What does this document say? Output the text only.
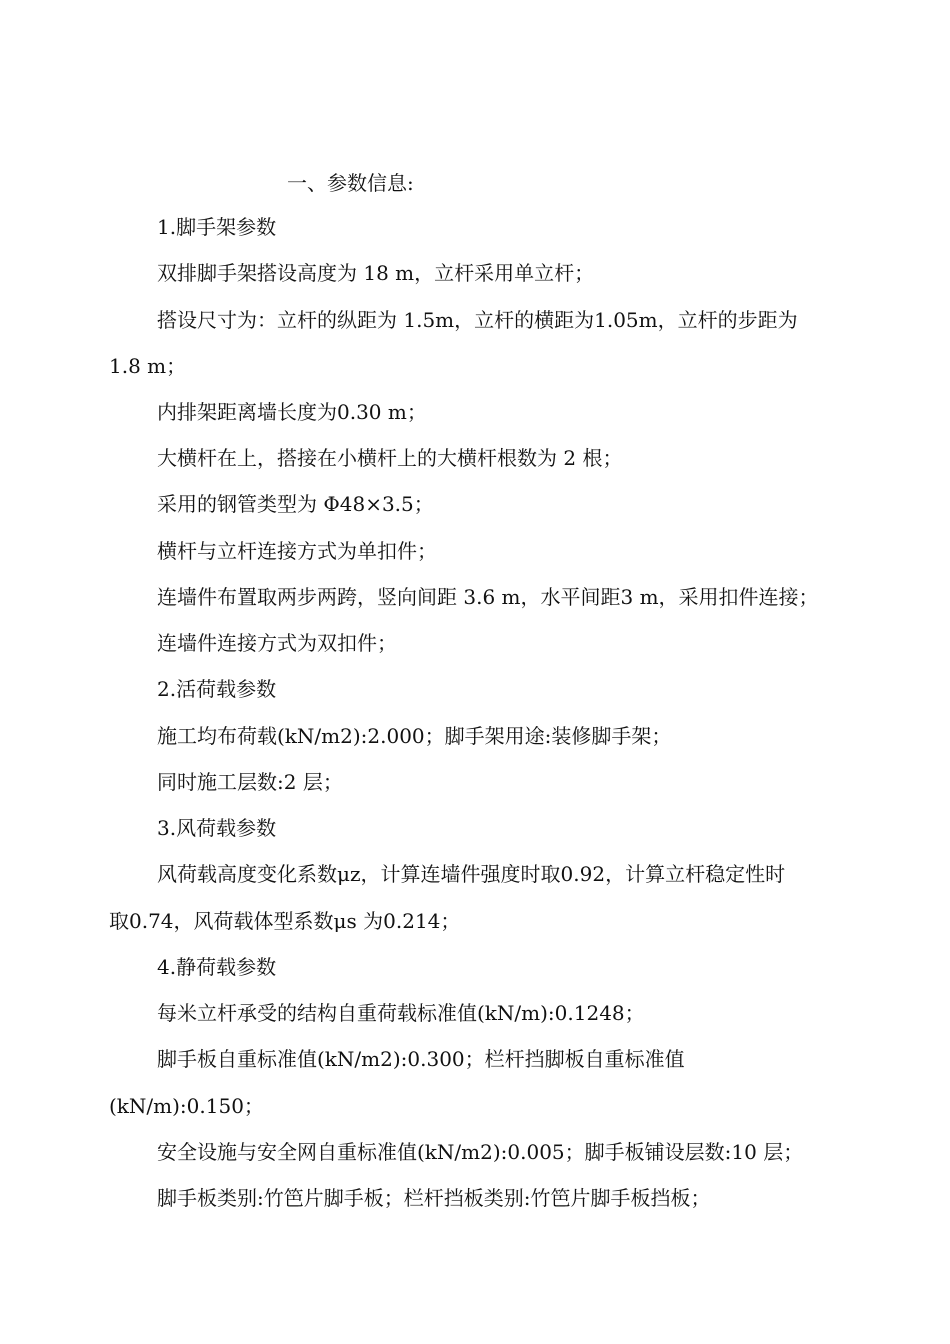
一、参数信息:
1.脚手架参数
双排脚手架搭设高度为 18 m，立杆采用单立杆；
搭设尺寸为：立杆的纵距为 1.5m，立杆的横距为1.05m，立杆的步距为
1.8 m；
内排架距离墙长度为0.30 m；
大横杆在上，搭接在小横杆上的大横杆根数为 2 根；
采用的钢管类型为 Φ48×3.5；
横杆与立杆连接方式为单扣件；
连墙件布置取两步两跨，竖向间距 3.6 m，水平间距3 m，采用扣件连接；
连墙件连接方式为双扣件；
2.活荷载参数
施工均布荷载(kN/m2):2.000；脚手架用途:装修脚手架；
同时施工层数:2 层；
3.风荷载参数
风荷载高度变化系数μz，计算连墙件强度时取0.92，计算立杆稳定性时
取0.74，风荷载体型系数μs 为0.214；
4.静荷载参数
每米立杆承受的结构自重荷载标准值(kN/m):0.1248；
脚手板自重标准值(kN/m2):0.300；栏杆挡脚板自重标准值
(kN/m):0.150；
安全设施与安全网自重标准值(kN/m2):0.005；脚手板铺设层数:10 层；
脚手板类别:竹笆片脚手板；栏杆挡板类别:竹笆片脚手板挡板；
